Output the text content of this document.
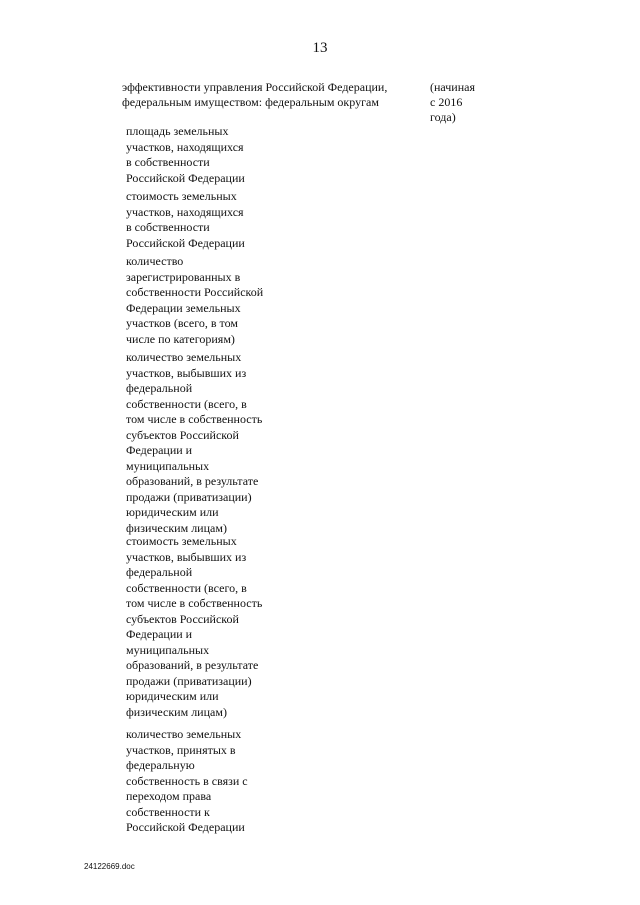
13
эффективности управления Российской Федерации,
федеральным имуществом: федеральным округам
(начиная
с 2016
года)
площадь земельных
участков, находящихся
в собственности
Российской Федерации
стоимость земельных
участков, находящихся
в собственности
Российской Федерации
количество
зарегистрированных в
собственности Российской
Федерации земельных
участков (всего, в том
числе по категориям)
количество земельных
участков, выбывших из
федеральной
собственности (всего, в
том числе в собственность
субъектов Российской
Федерации и
муниципальных
образований, в результате
продажи (приватизации)
юридическим или
физическим лицам)
стоимость земельных
участков, выбывших из
федеральной
собственности (всего, в
том числе в собственность
субъектов Российской
Федерации и
муниципальных
образований, в результате
продажи (приватизации)
юридическим или
физическим лицам)
количество земельных
участков, принятых в
федеральную
собственность в связи с
переходом права
собственности к
Российской Федерации
24122669.doc
